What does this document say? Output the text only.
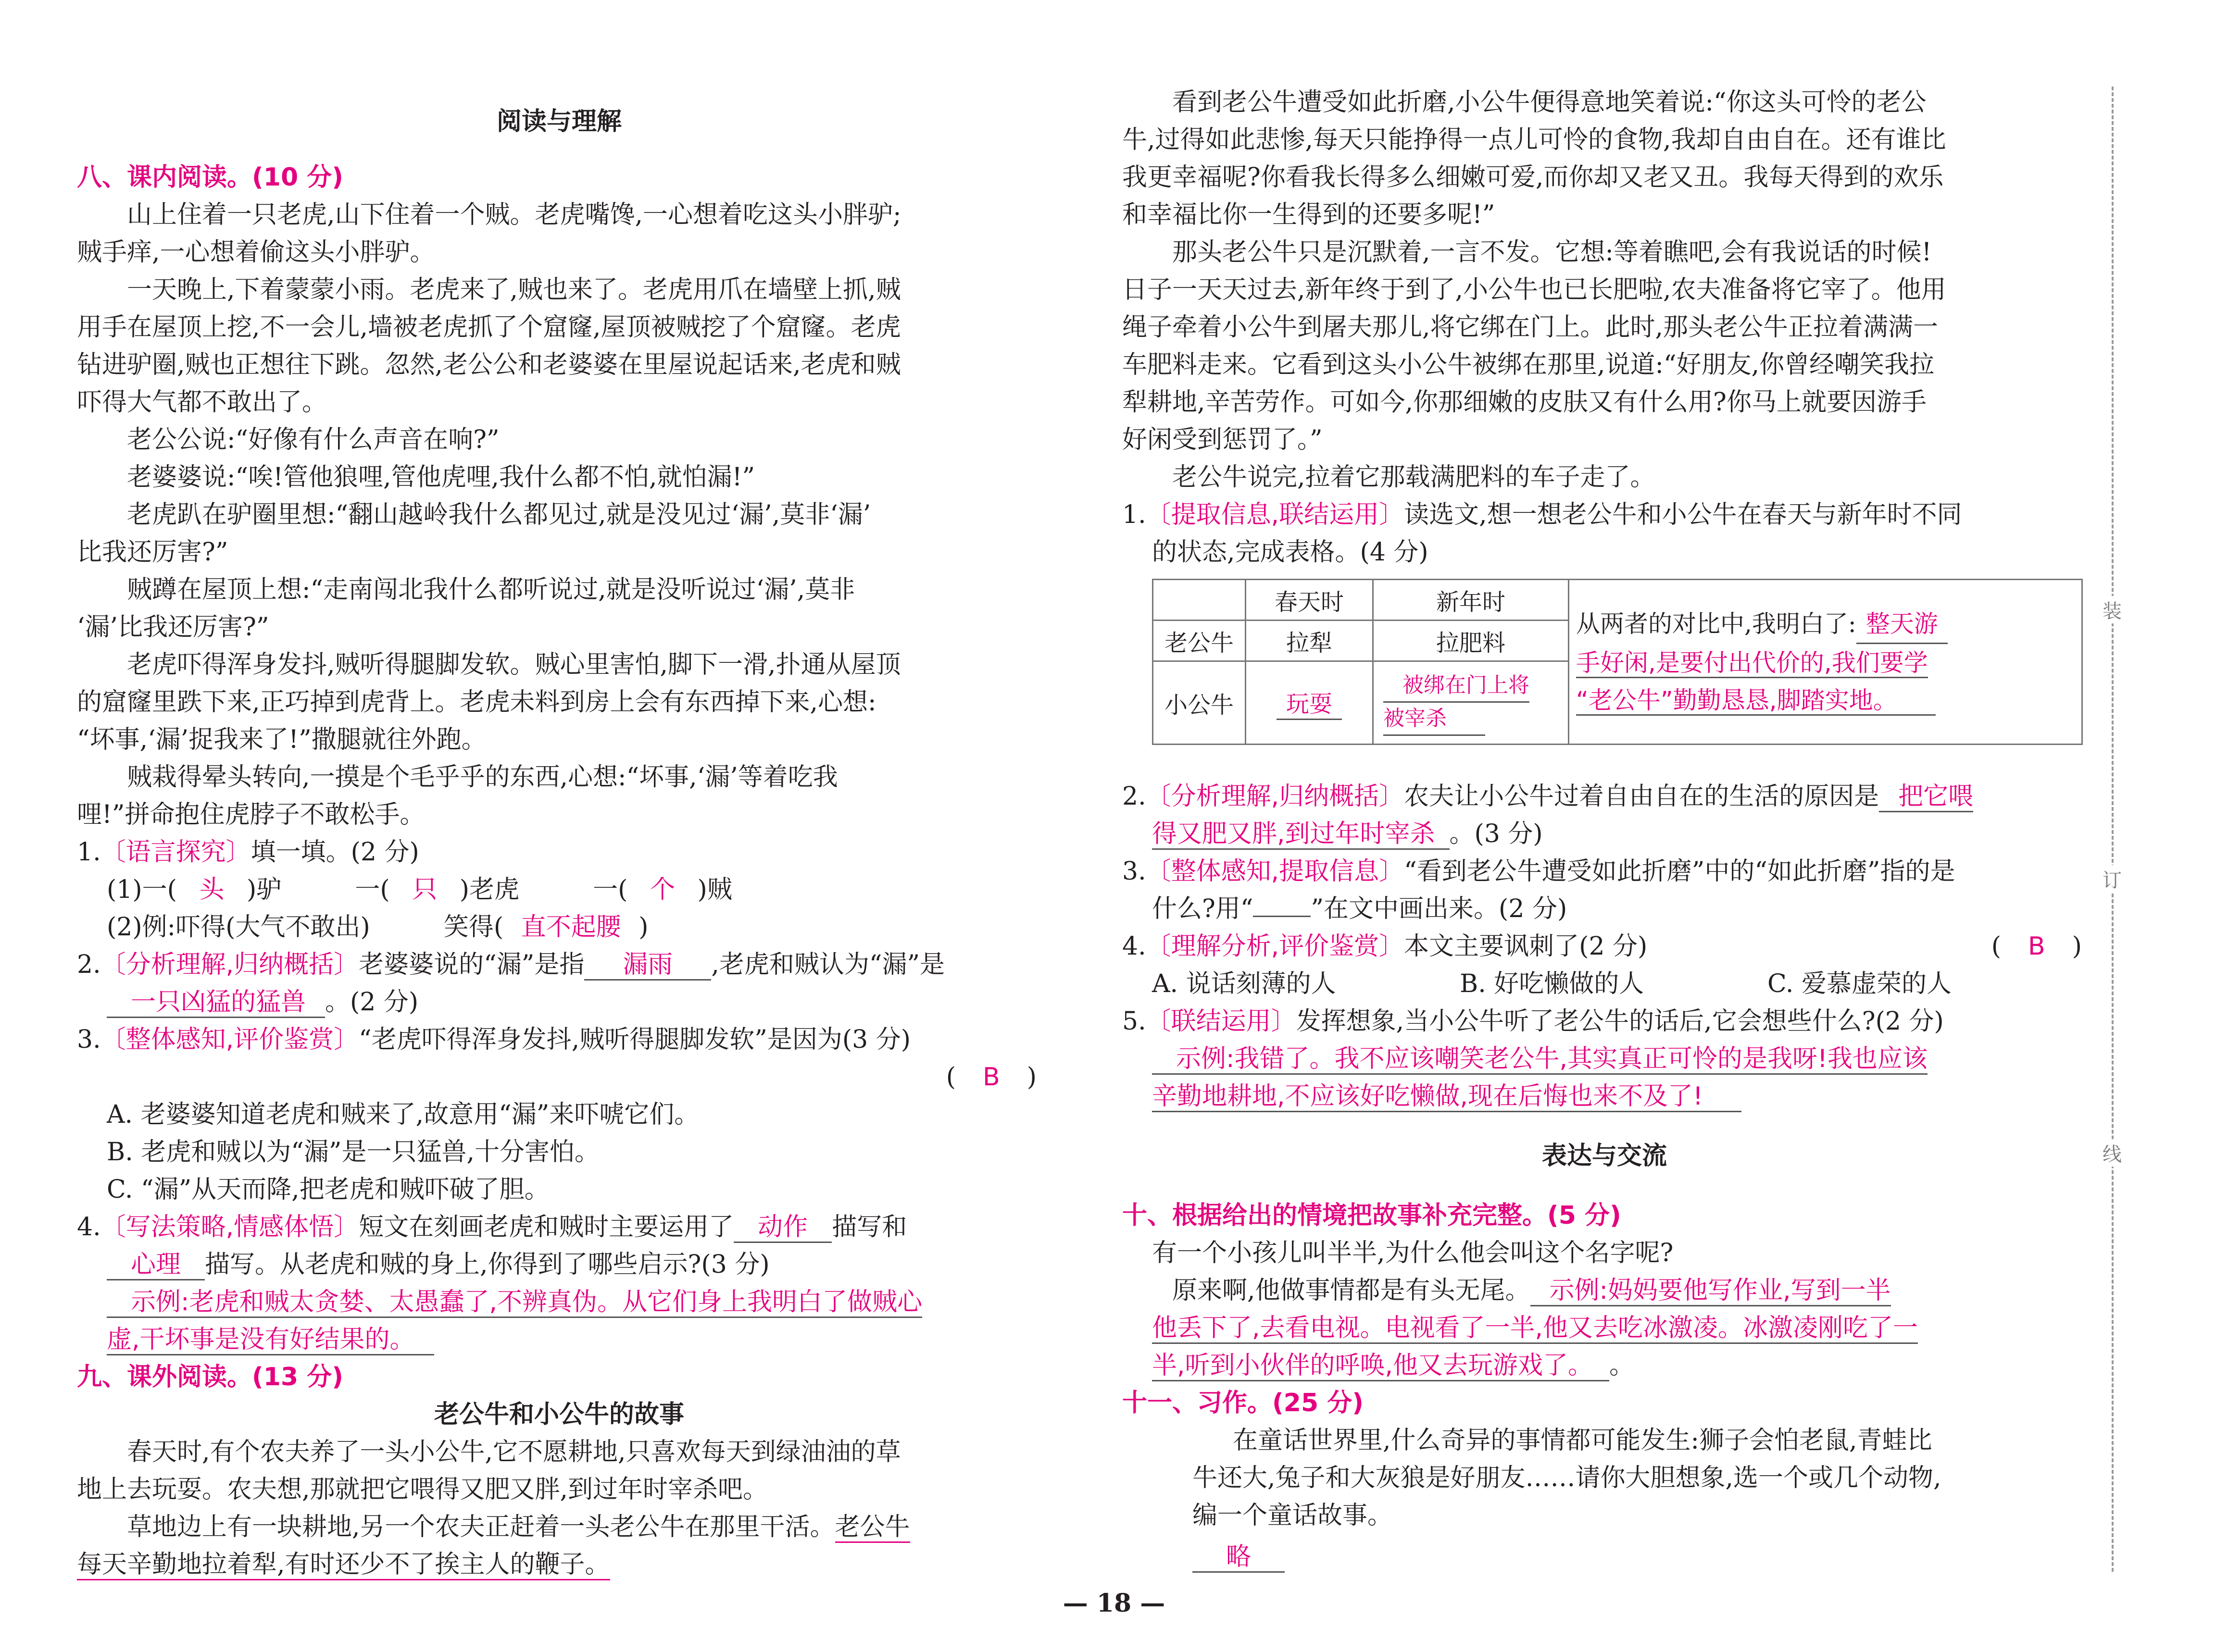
阅读与理解
八、课内阅读。(10 分)
山上住着一只老虎,山下住着一个贼。老虎嘴馋,一心想着吃这头小胖驴;
贼手痒,一心想着偷这头小胖驴。
一天晚上,下着蒙蒙小雨。老虎来了,贼也来了。老虎用爪在墙壁上抓,贼
用手在屋顶上挖,不一会儿,墙被老虎抓了个窟窿,屋顶被贼挖了个窟窿。老虎
钻进驴圈,贼也正想往下跳。忽然,老公公和老婆婆在里屋说起话来,老虎和贼
吓得大气都不敢出了。
老公公说:“好像有什么声音在响?”
老婆婆说:“唉!管他狼哩,管他虎哩,我什么都不怕,就怕漏!”
老虎趴在驴圈里想:“翻山越岭我什么都见过,就是没见过‘漏’,莫非‘漏’
比我还厉害?”
贼蹲在屋顶上想:“走南闯北我什么都听说过,就是没听说过‘漏’,莫非
‘漏’比我还厉害?”
老虎吓得浑身发抖,贼听得腿脚发软。贼心里害怕,脚下一滑,扑通从屋顶
的窟窿里跌下来,正巧掉到虎背上。老虎未料到房上会有东西掉下来,心想:
“坏事,‘漏’捉我来了!”撒腿就往外跑。
贼栽得晕头转向,一摸是个毛乎乎的东西,心想:“坏事,‘漏’等着吃我
哩!”拼命抱住虎脖子不敢松手。
1.〔语言探究〕填一填。(2 分)
(1)一( 头 )驴	一( 只 )老虎	一( 个 )贼
(2)例:吓得(大气不敢出)	笑得( 直不起腰 )
2.〔分析理解,归纳概括〕老婆婆说的“漏”是指 漏雨 ,老虎和贼认为“漏”是
一只凶猛的猛兽 。(2 分)
3.〔整体感知,评价鉴赏〕“老虎吓得浑身发抖,贼听得腿脚发软”是因为(3 分)
( B )
A. 老婆婆知道老虎和贼来了,故意用“漏”来吓唬它们。
B. 老虎和贼以为“漏”是一只猛兽,十分害怕。
C. “漏”从天而降,把老虎和贼吓破了胆。
4.〔写法策略,情感体悟〕短文在刻画老虎和贼时主要运用了 动作 描写和
心理 描写。从老虎和贼的身上,你得到了哪些启示?(3 分)
示例:老虎和贼太贪婪、太愚蠢了,不辨真伪。从它们身上我明白了做贼心
虚,干坏事是没有好结果的。
九、课外阅读。(13 分)
老公牛和小公牛的故事
春天时,有个农夫养了一头小公牛,它不愿耕地,只喜欢每天到绿油油的草
地上去玩耍。农夫想,那就把它喂得又肥又胖,到过年时宰杀吧。
草地边上有一块耕地,另一个农夫正赶着一头老公牛在那里干活。老公牛
每天辛勤地拉着犁,有时还少不了挨主人的鞭子。
看到老公牛遭受如此折磨,小公牛便得意地笑着说:“你这头可怜的老公
牛,过得如此悲惨,每天只能挣得一点儿可怜的食物,我却自由自在。还有谁比
我更幸福呢?你看我长得多么细嫩可爱,而你却又老又丑。我每天得到的欢乐
和幸福比你一生得到的还要多呢!”
那头老公牛只是沉默着,一言不发。它想:等着瞧吧,会有我说话的时候!
日子一天天过去,新年终于到了,小公牛也已长肥啦,农夫准备将它宰了。他用
绳子牵着小公牛到屠夫那儿,将它绑在门上。此时,那头老公牛正拉着满满一
车肥料走来。它看到这头小公牛被绑在那里,说道:“好朋友,你曾经嘲笑我拉
犁耕地,辛苦劳作。可如今,你那细嫩的皮肤又有什么用?你马上就要因游手
好闲受到惩罚了。”
老公牛说完,拉着它那载满肥料的车子走了。
1.〔提取信息,联结运用〕读选文,想一想老公牛和小公牛在春天与新年时不同
的状态,完成表格。(4 分)
	春天时	新年时	从两者的对比中,我明白了: 整天游
手好闲,是要付出代价的,我们要学
“老公牛”勤勤恳恳,脚踏实地。

老公牛	拉犁	拉肥料	
小公牛	玩耍	被绑在门上将
被宰杀	
2.〔分析理解,归纳概括〕农夫让小公牛过着自由自在的生活的原因是 把它喂
得又肥又胖,到过年时宰杀 。(3 分)
3.〔整体感知,提取信息〕“看到老公牛遭受如此折磨”中的“如此折磨”指的是
什么?用“ ”在文中画出来。(2 分)
4.〔理解分析,评价鉴赏〕本文主要讽刺了(2 分)	( B )
A. 说话刻薄的人	B. 好吃懒做的人	C. 爱慕虚荣的人
5.〔联结运用〕发挥想象,当小公牛听了老公牛的话后,它会想些什么?(2 分)
示例:我错了。我不应该嘲笑老公牛,其实真正可怜的是我呀!我也应该
辛勤地耕地,不应该好吃懒做,现在后悔也来不及了!
表达与交流
十、根据给出的情境把故事补充完整。(5 分)
有一个小孩儿叫半半,为什么他会叫这个名字呢?
原来啊,他做事情都是有头无尾。 示例:妈妈要他写作业,写到一半
他丢下了,去看电视。电视看了一半,他又去吃冰激凌。冰激凌刚吃了一
半,听到小伙伴的呼唤,他又去玩游戏了。 。
十一、习作。(25 分)
在童话世界里,什么奇异的事情都可能发生:狮子会怕老鼠,青蛙比
牛还大,兔子和大灰狼是好朋友……请你大胆想象,选一个或几个动物,
编一个童话故事。
略
装
订
线
— 18 —
